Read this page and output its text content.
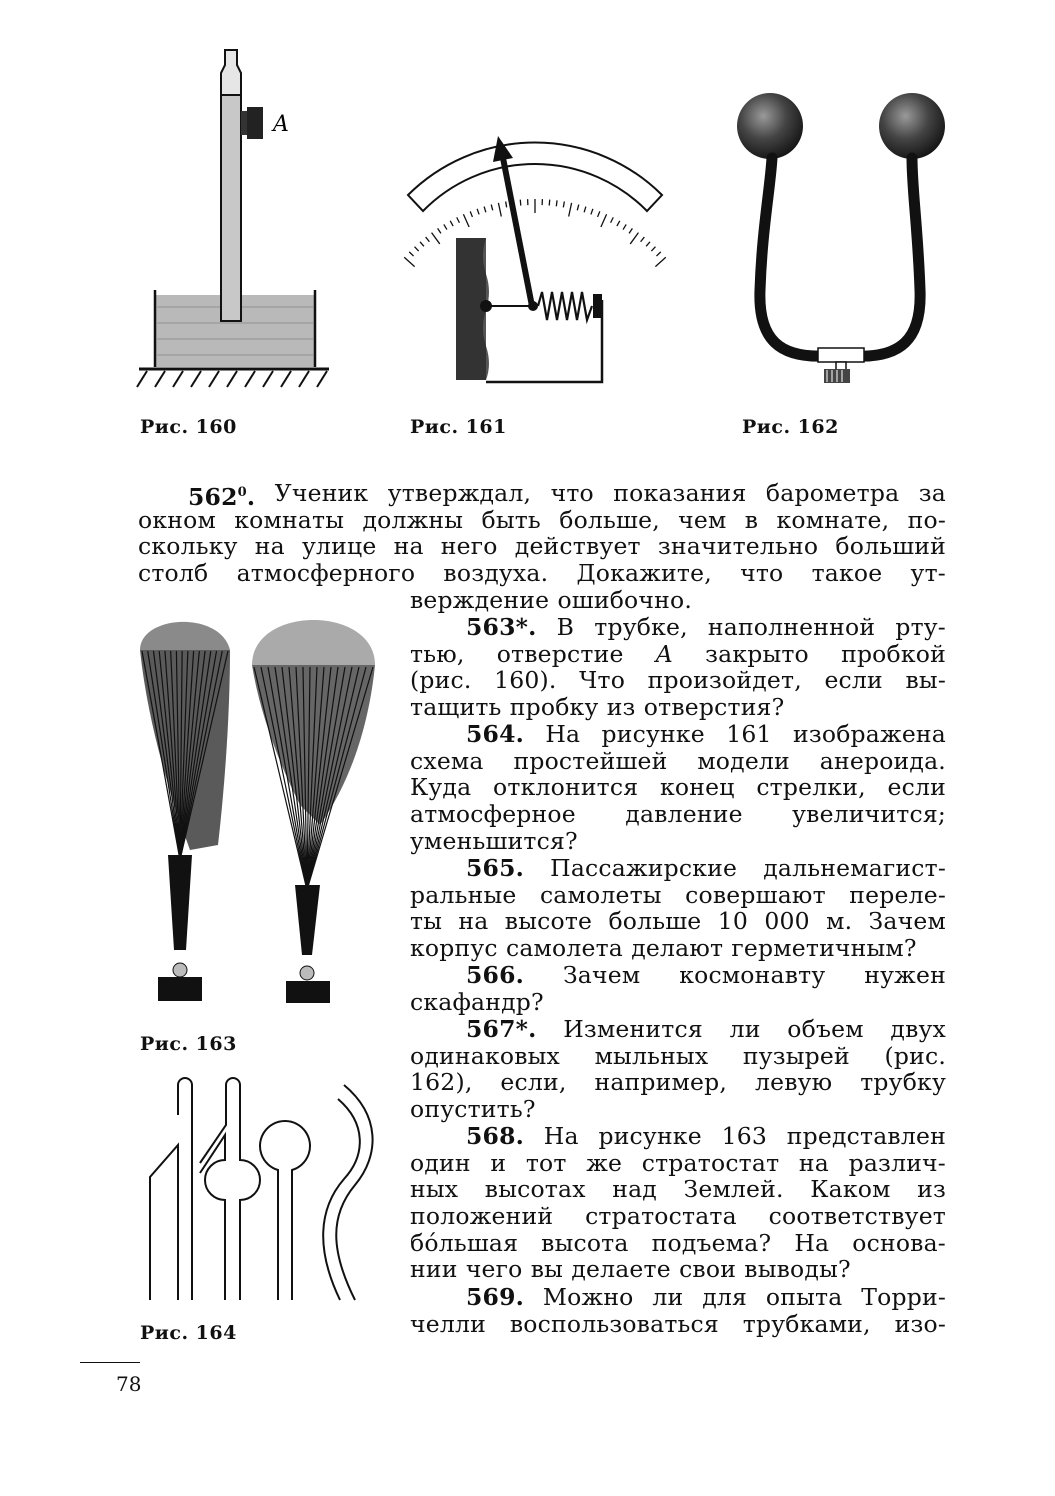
A
Рис. 160	Рис. 161	Рис. 162
Рис. 163
Рис. 164
$562^0$. Ученик утверждал, что показания барометра за
окном комнаты должны быть больше, чем в комнате, по-
скольку на улице на него действует значительно больший
столб атмосферного воздуха. Докажите, что такое ут-
верждение ошибочно.
563*. В трубке, наполненной рту-
тью, отверстие A закрыто пробкой
(рис. 160). Что произойдет, если вы-
тащить пробку из отверстия?
564. На рисунке 161 изображена
схема простейшей модели анероида.
Куда отклонится конец стрелки, если
атмосферное давление увеличится;
уменьшится?
565. Пассажирские дальнемагист-
ральные самолеты совершают переле-
ты на высоте больше 10 000 м. Зачем
корпус самолета делают герметичным?
566. Зачем космонавту нужен
скафандр?
567*. Изменится ли объем двух
одинаковых мыльных пузырей (рис.
162), если, например, левую трубку
опустить?
568. На рисунке 163 представлен
один и тот же стратостат на различ-
ных высотах над Землей. Каком из
положений стратостата соответствует
бо́льшая высота подъема? На основа-
нии чего вы делаете свои выводы?
569. Можно ли для опыта Торри-
челли воспользоваться трубками, изо-
78
